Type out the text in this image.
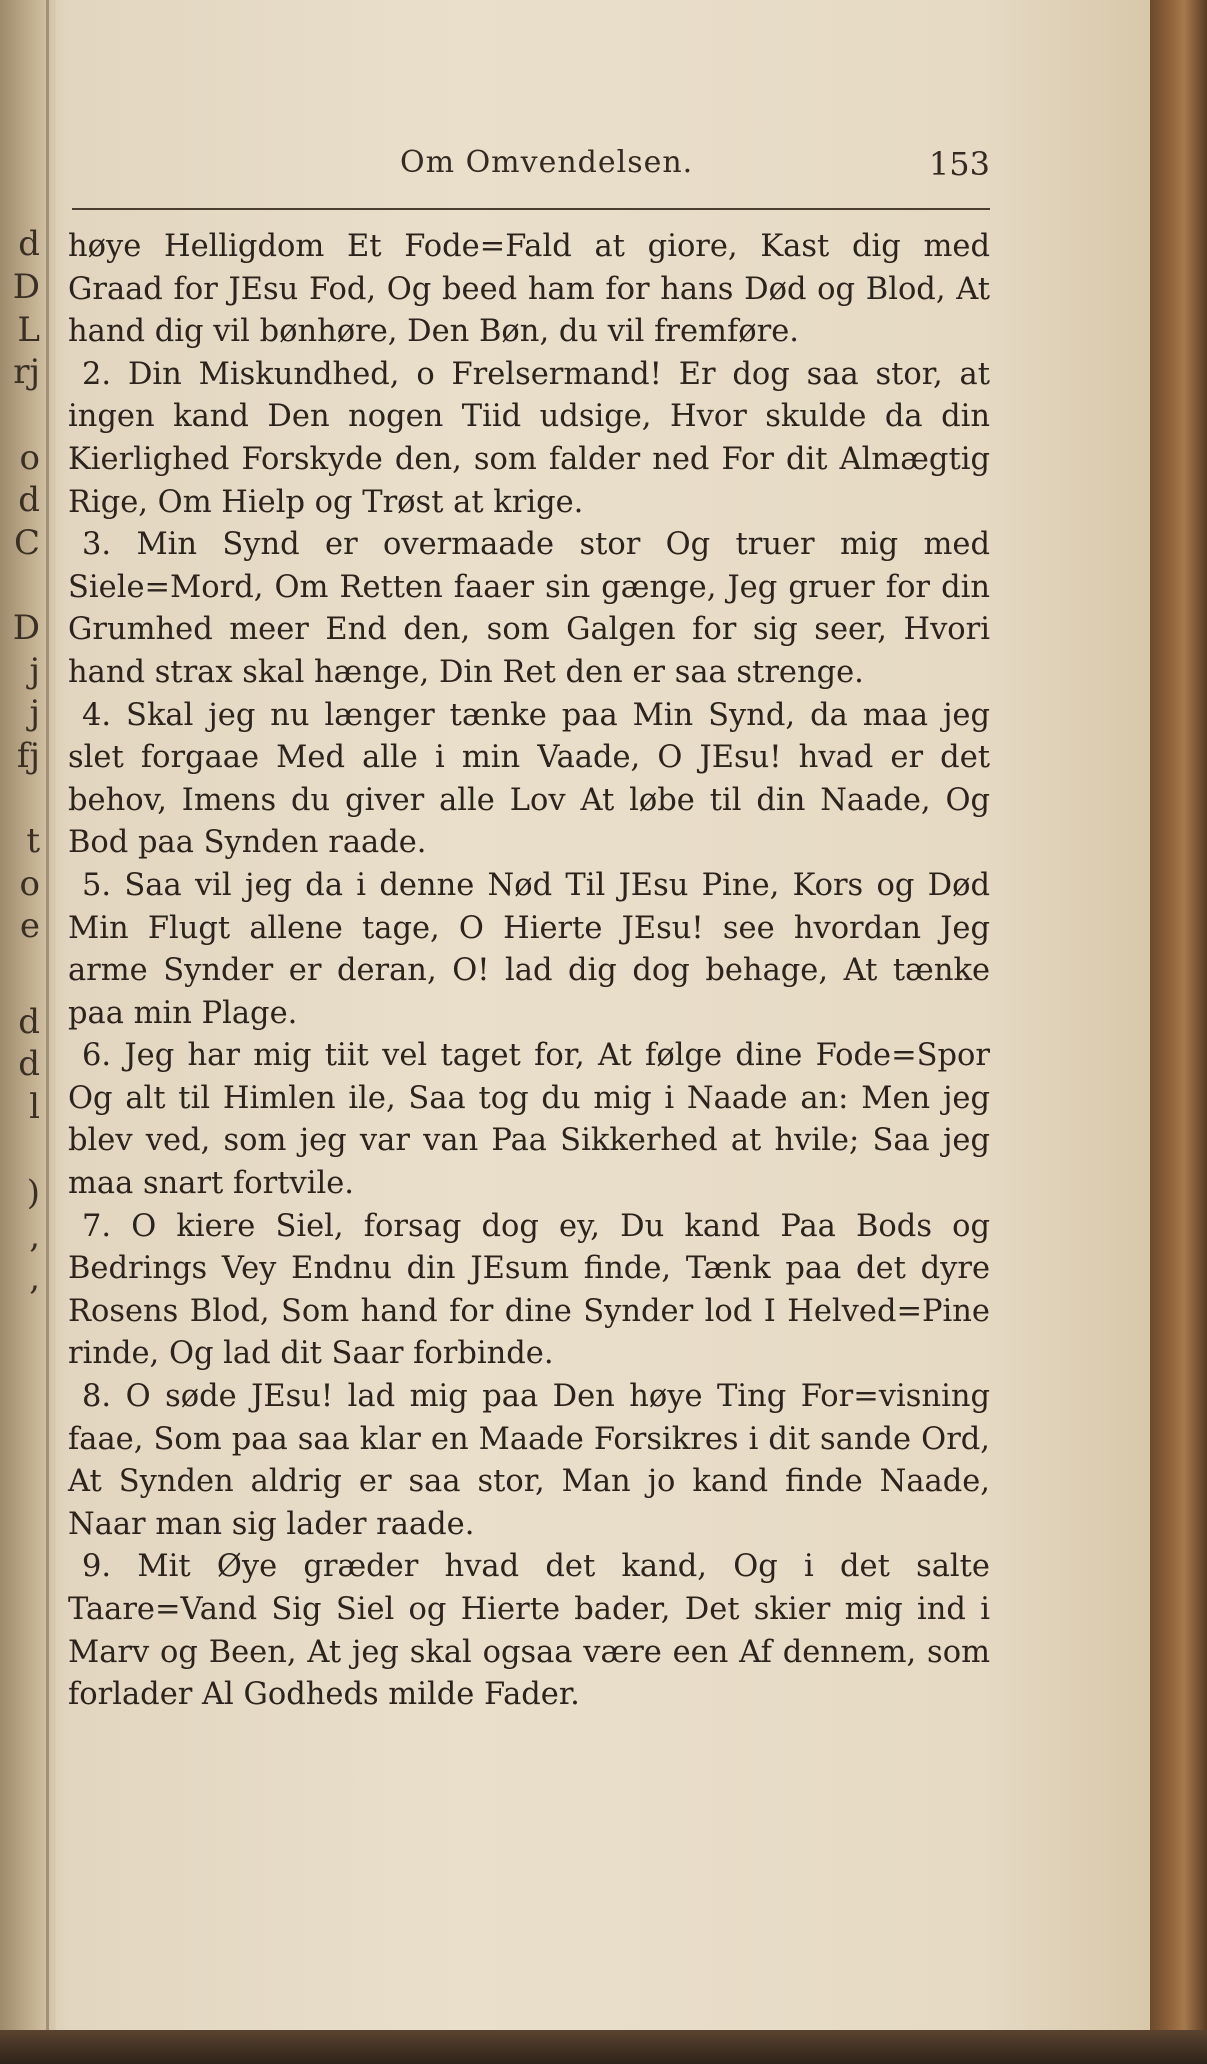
d
D
L
rj
o
d
C
D
j
j
fj
t
o
e
d
d
l
)
,
,
Om Omvendelsen.	153

høye Helligdom Et Fode=Fald at giore, Kast dig med Graad for JEsu Fod, Og beed ham for hans Død og Blod, At hand dig vil bønhøre, Den Bøn, du vil fremføre.

2. Din Miskundhed, o Frelsermand! Er dog saa stor, at ingen kand Den nogen Tiid udsige, Hvor skulde da din Kierlighed Forskyde den, som falder ned For dit Almægtig Rige, Om Hielp og Trøst at krige.

3. Min Synd er overmaade stor Og truer mig med Siele=Mord, Om Retten faaer sin gænge, Jeg gruer for din Grumhed meer End den, som Galgen for sig seer, Hvori hand strax skal hænge, Din Ret den er saa strenge.

4. Skal jeg nu længer tænke paa Min Synd, da maa jeg slet forgaae Med alle i min Vaade, O JEsu! hvad er det behov, Imens du giver alle Lov At løbe til din Naade, Og Bod paa Synden raade.

5. Saa vil jeg da i denne Nød Til JEsu Pine, Kors og Død Min Flugt allene tage, O Hierte JEsu! see hvordan Jeg arme Synder er deran, O! lad dig dog behage, At tænke paa min Plage.

6. Jeg har mig tiit vel taget for, At følge dine Fode=Spor Og alt til Himlen ile, Saa tog du mig i Naade an: Men jeg blev ved, som jeg var van Paa Sikkerhed at hvile; Saa jeg maa snart fortvile.

7. O kiere Siel, forsag dog ey, Du kand Paa Bods og Bedrings Vey Endnu din JEsum finde, Tænk paa det dyre Rosens Blod, Som hand for dine Synder lod I Helved=Pine rinde, Og lad dit Saar forbinde.

8. O søde JEsu! lad mig paa Den høye Ting For=visning faae, Som paa saa klar en Maade Forsikres i dit sande Ord, At Synden aldrig er saa stor, Man jo kand finde Naade, Naar man sig lader raade.

9. Mit Øye græder hvad det kand, Og i det salte Taare=Vand Sig Siel og Hierte bader, Det skier mig ind i Marv og Been, At jeg skal ogsaa være een Af dennem, som forlader Al Godheds milde Fader.
